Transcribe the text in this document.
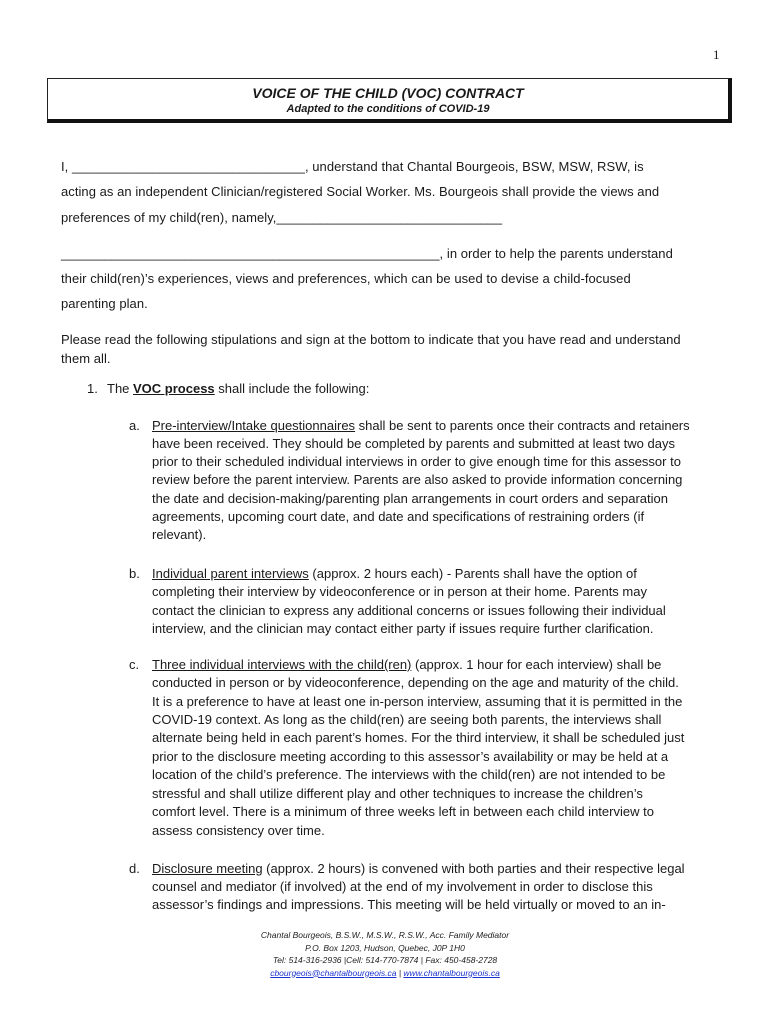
1
VOICE OF THE CHILD (VOC) CONTRACT
Adapted to the conditions of COVID-19
I, ________________________________, understand that Chantal Bourgeois, BSW, MSW, RSW, is
acting as an independent Clinician/registered Social Worker. Ms. Bourgeois shall provide the views and
preferences of my child(ren), namely,_______________________________
____________________________________________________, in order to help the parents understand
their child(ren)’s experiences, views and preferences, which can be used to devise a child-focused
parenting plan.
Please read the following stipulations and sign at the bottom to indicate that you have read and understand
them all.
1. The VOC process shall include the following:
a. Pre-interview/Intake questionnaires shall be sent to parents once their contracts and retainers
have been received. They should be completed by parents and submitted at least two days
prior to their scheduled individual interviews in order to give enough time for this assessor to
review before the parent interview. Parents are also asked to provide information concerning
the date and decision-making/parenting plan arrangements in court orders and separation
agreements, upcoming court date, and date and specifications of restraining orders (if
relevant).
b. Individual parent interviews (approx. 2 hours each) - Parents shall have the option of
completing their interview by videoconference or in person at their home. Parents may
contact the clinician to express any additional concerns or issues following their individual
interview, and the clinician may contact either party if issues require further clarification.
c. Three individual interviews with the child(ren) (approx. 1 hour for each interview) shall be
conducted in person or by videoconference, depending on the age and maturity of the child.
It is a preference to have at least one in-person interview, assuming that it is permitted in the
COVID-19 context. As long as the child(ren) are seeing both parents, the interviews shall
alternate being held in each parent’s homes. For the third interview, it shall be scheduled just
prior to the disclosure meeting according to this assessor’s availability or may be held at a
location of the child’s preference. The interviews with the child(ren) are not intended to be
stressful and shall utilize different play and other techniques to increase the children’s
comfort level. There is a minimum of three weeks left in between each child interview to
assess consistency over time.
d. Disclosure meeting (approx. 2 hours) is convened with both parties and their respective legal
counsel and mediator (if involved) at the end of my involvement in order to disclose this
assessor’s findings and impressions. This meeting will be held virtually or moved to an in-
Chantal Bourgeois, B.S.W., M.S.W., R.S.W., Acc. Family Mediator
P.O. Box 1203, Hudson, Quebec, J0P 1H0
Tel: 514-316-2936 |Cell: 514-770-7874 | Fax: 450-458-2728
cbourgeois@chantalbourgeois.ca | www.chantalbourgeois.ca
